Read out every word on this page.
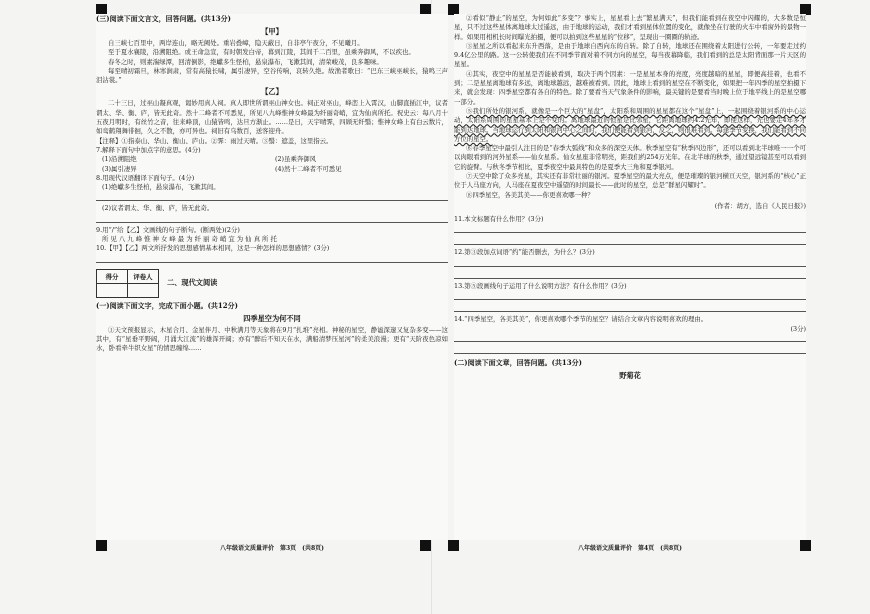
(三)阅读下面文言文，回答问题。(共13分)
【甲】

自三峡七百里中，两岸连山，略无阙处。重岩叠嶂，隐天蔽日，自非亭午夜分，不见曦月。

至于夏水襄陵，沿溯阻绝。或王命急宣，有时朝发白帝，暮到江陵，其间千二百里，虽乘奔御风，不以疾也。

春冬之时，则素湍绿潭，回清倒影，绝巘多生怪柏，悬泉瀑布，飞漱其间，清荣峻茂，良多趣味。

每至晴初霜旦，林寒涧肃，常有高猿长啸，属引凄异，空谷传响，哀转久绝。故渔者歌曰：“巴东三峡巫峡长，猿鸣三声泪沾裳。”

【乙】

二十三日，过巫山凝真观，谒妙用真人祠。真人即世所谓巫山神女也。祠正对巫山，峰峦上入霄汉，山脚直插江中，议者谓太、华、衡、庐，皆无此奇。然十二峰者不可悉见，所见八九峰惟神女峰最为纤丽奇峭，宜为仙真所托。祝史云：每八月十五夜月明时，有丝竹之音，往来峰顶，山猿皆鸣，达旦方渐止。……是日，天宇晴霁，四顾无纤翳；惟神女峰上有白云数片，如鸾鹤翔舞徘徊，久之不散，亦可异也。祠旧有乌数百，送客迎舟。

【注释】①指泰山、华山、衡山、庐山。②霁：雨过天晴。③翳：遮盖，这里指云。

7.解释下面句中加点字的意思。(4分)

(1)沿溯阻绝	(2)虽乘奔御风
(3)属引凄异	(4)然十二峰者不可悉见

8.用现代汉语翻译下面句子。(4分)

(1)绝巘多生怪柏，悬泉瀑布，飞漱其间。

(2)议者谓太、华、衡、庐，皆无此奇。

9.用“/”给【乙】文画线的句子断句。(断两处)(2分)

所 见 八 九 峰 惟 神 女 峰 最 为 纤 丽 奇 峭 宜 为 仙 真 所 托

10.【甲】【乙】两文所抒发的思想感情基本相同，这是一种怎样的思想感情？(3分)

得分	评卷人

二、现代文阅读
(一)阅读下面文字，完成下面小题。(共12分)
四季星空为何不同

①天文预报显示，木星合月、金星伴月、中秋满月等天象将在9月“扎堆”亮相。神秘的星空，静谧深邃又复杂多变——这其中，有“星垂平野阔，月涌大江流”的雄浑开阔；亦有“醉后不知天在水，满船清梦压星河”的柔美浪漫；更有“天阶夜色凉如水，卧看牵牛织女星”的情思缠绵……

八年级语文质量评价　第3页　(共8页)

②看似“静止”的星空，为何如此“多变”？事实上，星星看上去“繁星满天”，但我们能看到在夜空中闪耀的，大多数是恒星，只不过这些星体离地球太过遥远，由于地球的运动，我们才看到星体位置的变化，就像坐在行驶的火车中看窗外的景物一样。如果用相机长时间曝光拍摄，便可以拍到这些星星的“位移”，呈现出一圈圈的轨迹。

③星星之所以看起来东升西落，是由于地球自西向东的自转。除了自转，地球还在围绕着太阳进行公转，一年要走过约9.4亿公里的路。这一公转使我们在不同季节面对着不同方向的星空，每当夜幕降临，我们看到的总是太阳背面那一片天区的星星。

④其实，夜空中的星星是否能被看到，取决于两个因素：一是星星本身的亮度，亮度越暗的星星，即便高挂着，也看不到；二是星星离地球有多远，离地球越远，越难被看到。因此，地球上看到的星空在不断变化，如果把一年四季的星空拍摄下来，就会发现：四季星空都有各自的特色。除了要看当天气象条件的影响，最关键的是要看当时晚上位于地平线上的是星空哪一部分。

⑤我们所处的银河系，就像是一个巨大的“星盘”，太阳系和周围的星星都在这个“星盘”上，一起围绕着银河系的中心运动，太阳系周围的星星基本上是不变的。离地球最近的恒星是比邻星，它距离地球约4.2光年，即使这样，光也要走4年多才能到达地球。当地球运行到太阳和银河中心之间时，我们便能看到银河，反之，则很难看到。每逢季节变换，我们能看到不同方位的星空。

⑥春季星空中最引人注目的是“春季大弧线”和众多的深空天体。秋季星空有“秋季四边形”，还可以看到北半球唯一一个可以肉眼看到的河外星系——仙女星系。仙女星座非常明亮，距我们约254万光年。在北半球的秋季，通过望远镜甚至可以看到它的旋臂。与秋冬季节相比，夏季夜空中最具特色的是夏季大三角和夏季银河。

⑦天空中除了众多亮星，其实还有非常壮丽的银河。夏季星空的最大亮点，便是璀璨的银河横亘天空，银河系的“核心”正位于人马座方向，人马座在夏夜空中遥望的时间最长——此时的星空，总是“群星闪耀时”。

⑧四季星空，各美其美——你更喜欢哪一种？

(作者：胡方，选自《人民日报》)

11.本文标题有什么作用？(3分)

12.第③段加点词语“约”能否删去，为什么？(3分)

13.第⑤段画线句子运用了什么说明方法？有什么作用？(3分)

14.“四季星空，各美其美”，你更喜欢哪个季节的星空？请结合文章内容说明喜欢的理由。

(3分)
(二)阅读下面文章，回答问题。(共13分)
野菊花
八年级语文质量评价　第4页　(共8页)
